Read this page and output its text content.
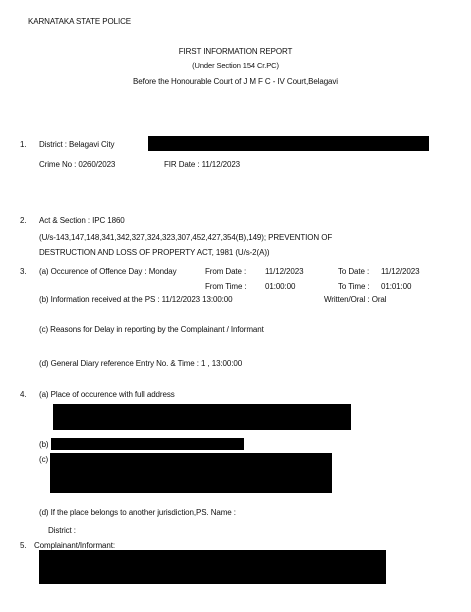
KARNATAKA STATE POLICE
FIRST INFORMATION REPORT
(Under Section 154 Cr.PC)
Before the Honourable Court of J M F C - IV Court,Belagavi
1. District : Belagavi City
Crime No : 0260/2023	FIR Date : 11/12/2023
2. Act & Section : IPC 1860
(U/s-143,147,148,341,342,327,324,323,307,452,427,354(B),149); PREVENTION OF
DESTRUCTION AND LOSS OF PROPERTY ACT, 1981 (U/s-2(A))
3. (a) Occurence of Offence Day : Monday	From Date : 11/12/2023	To Date : 11/12/2023
From Time : 01:00:00	To Time : 01:01:00
(b) Information received at the PS : 11/12/2023 13:00:00	Written/Oral : Oral
(c) Reasons for Delay in reporting by the Complainant / Informant
(d) General Diary reference Entry No. & Time : 1 , 13:00:00
4. (a) Place of occurence with full address
(b)
(c)
(d) If the place belongs to another jurisdiction,PS. Name :
District :
5. Complainant/Informant:
